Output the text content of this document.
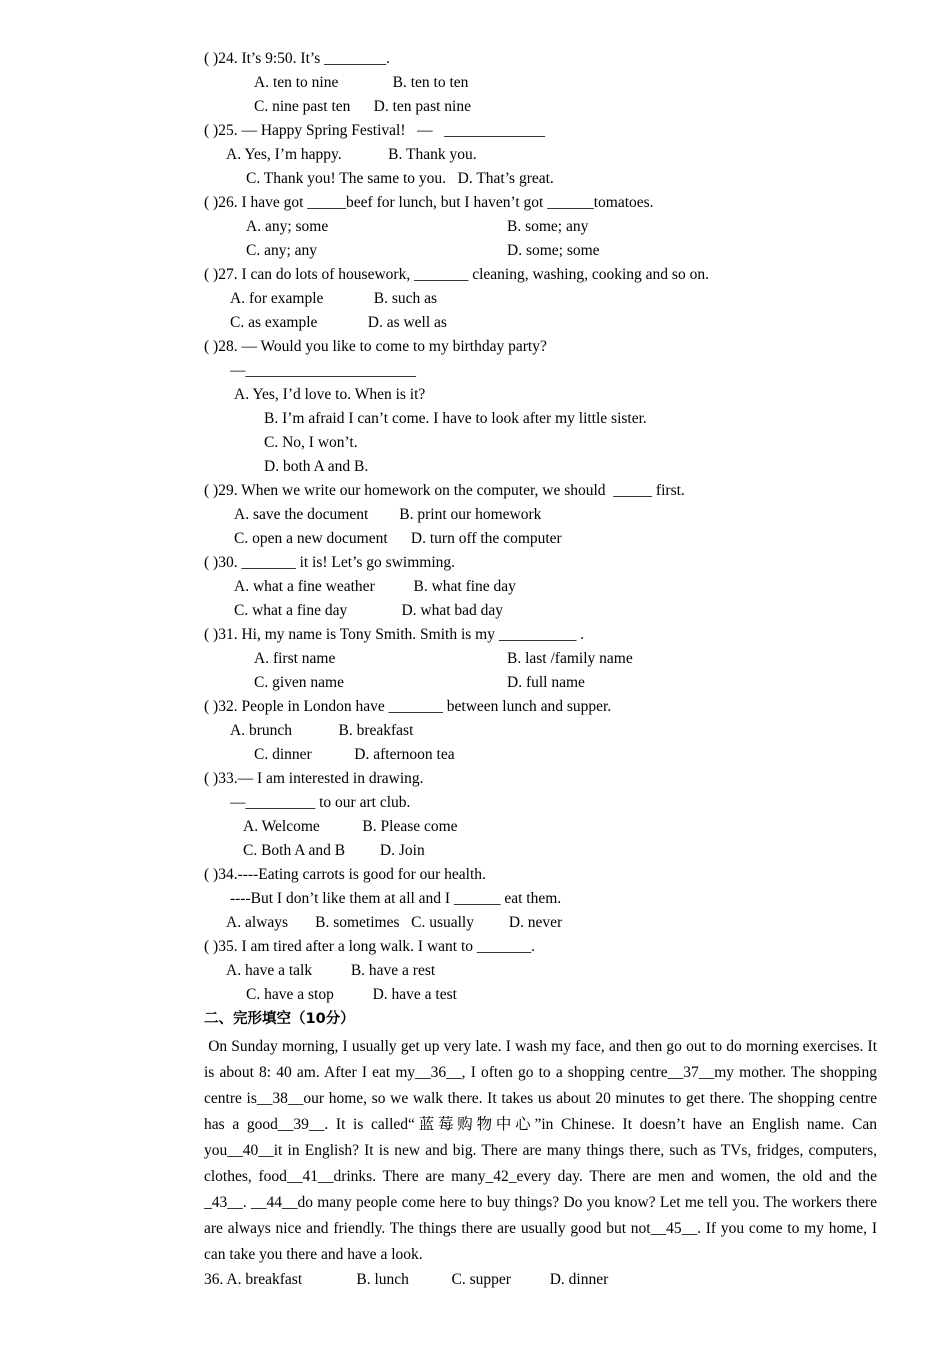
( )24. It’s 9:50. It’s ________.
A. ten to nine              B. ten to ten
C. nine past ten      D. ten past nine
( )25. — Happy Spring Festival!   —   _____________
A. Yes, I’m happy.            B. Thank you.
C. Thank you! The same to you.   D. That’s great.
( )26. I have got _____beef for lunch, but I haven’t got ______tomatoes.
A. any; some	B. some; any
C. any; any	D. some; some
( )27. I can do lots of housework, _______ cleaning, washing, cooking and so on.
A. for example             B. such as
C. as example             D. as well as
( )28. — Would you like to come to my birthday party?
—______________________
A. Yes, I’d love to. When is it?
B. I’m afraid I can’t come. I have to look after my little sister.
C. No, I won’t.
D. both A and B.
( )29. When we write our homework on the computer, we should  _____ first.
A. save the document        B. print our homework
C. open a new document      D. turn off the computer
( )30. _______ it is! Let’s go swimming.
A. what a fine weather          B. what fine day
C. what a fine day              D. what bad day
( )31. Hi, my name is Tony Smith. Smith is my __________ .
A. first name	B. last /family name
C. given name	D. full name
( )32. People in London have _______ between lunch and supper.
A. brunch            B. breakfast
C. dinner           D. afternoon tea
( )33.— I am interested in drawing.
—_________ to our art club.
A. Welcome           B. Please come
C. Both A and B         D. Join
( )34.----Eating carrots is good for our health.
----But I don’t like them at all and I ______ eat them.
A. always       B. sometimes   C. usually         D. never
( )35. I am tired after a long walk. I want to _______.
A. have a talk          B. have a rest
C. have a stop          D. have a test
二、完形填空（10分）
On Sunday morning, I usually get up very late. I wash my face, and then go out to do morning exercises. It is about 8: 40 am. After I eat my__36__, I often go to a shopping centre__37__my mother. The shopping centre is__38__our home, so we walk there. It takes us about 20 minutes to get there. The shopping centre has a good__39__. It is called“蓝莓购物中心”in Chinese. It doesn’t have an English name. Can you__40__it in English? It is new and big. There are many things there, such as TVs, fridges, computers, clothes, food__41__drinks. There are many_42_every day. There are men and women, the old and the _43__. __44__do many people come here to buy things? Do you know? Let me tell you. The workers there are always nice and friendly. The things there are usually good but not__45__. If you come to my home, I can take you there and have a look.
36. A. breakfast              B. lunch           C. supper          D. dinner
